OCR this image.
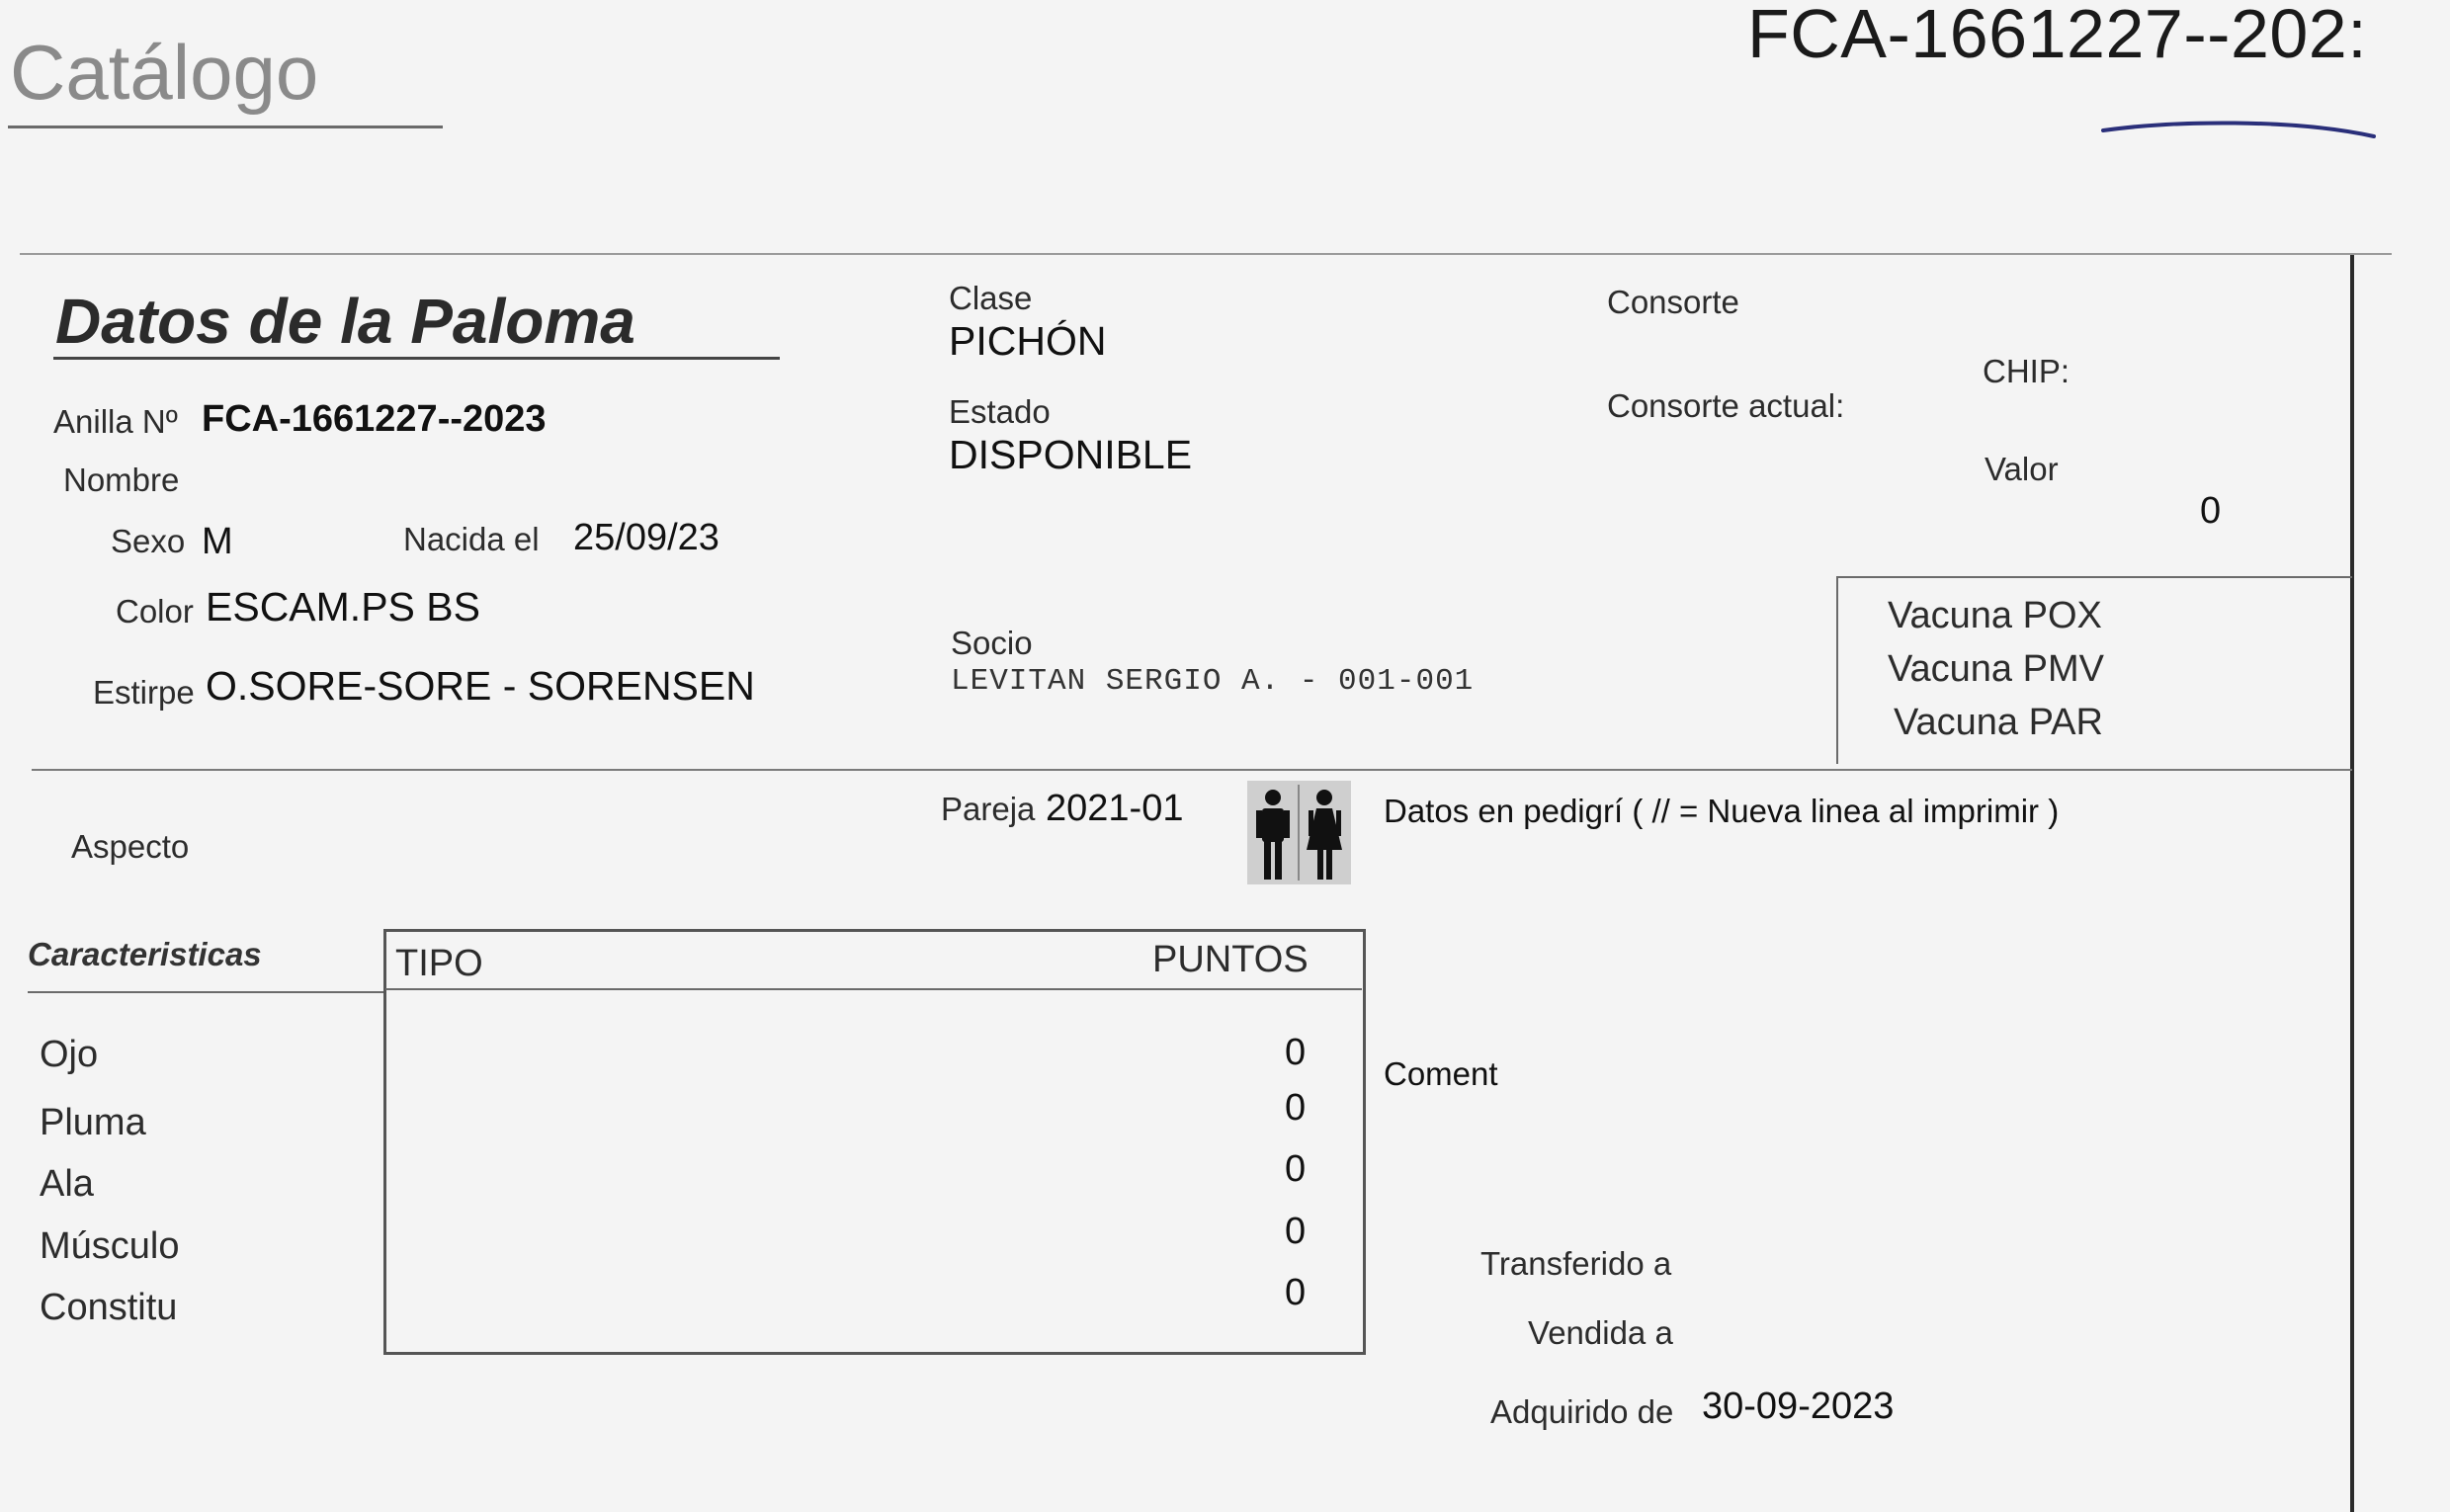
Catálogo	FCA-1661227--202:
Datos de la Paloma
Anilla Nº FCA-1661227--2023
Nombre
Sexo M	Nacida el 25/09/23
Color ESCAM.PS BS
Estirpe O.SORE-SORE - SORENSEN
Clase
PICHÓN
Estado
DISPONIBLE
Socio
LEVITAN SERGIO A. - 001-001
Consorte
Consorte actual:
CHIP:
Valor
0
Vacuna POX
Vacuna PMV
Vacuna PAR
Aspecto
Pareja 2021-01	Datos en pedigrí ( // = Nueva linea al imprimir )
Caracteristicas	TIPO	PUNTOS
Ojo	0
Pluma	0
Ala	0
Músculo	0
Constitu	0
Coment
Transferido a
Vendida a
Adquirido de 30-09-2023
